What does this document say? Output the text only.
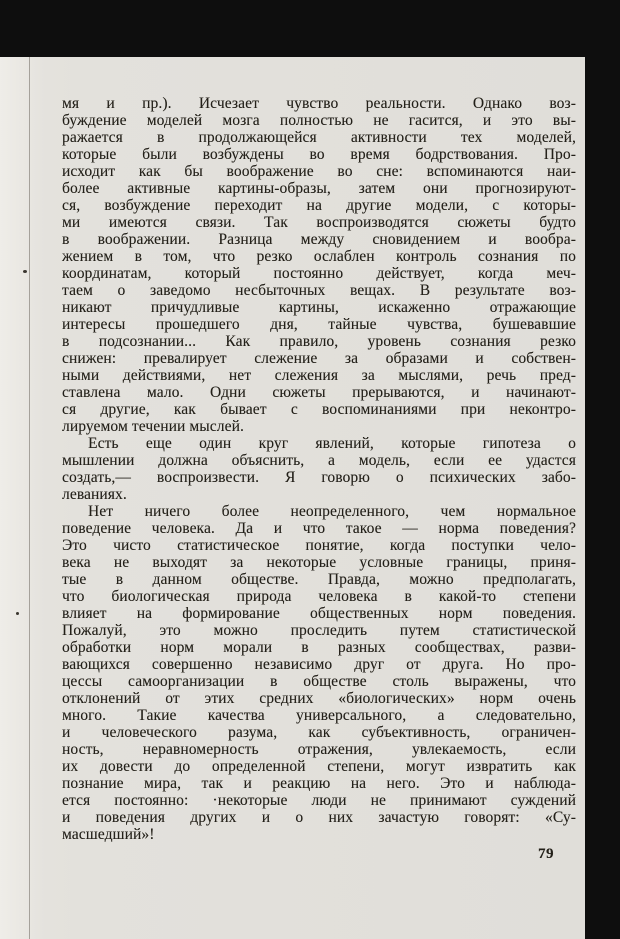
мя и пр.). Исчезает чувство реальности. Однако воз-
буждение моделей мозга полностью не гасится, и это вы-
ражается в продолжающейся активности тех моделей,
которые были возбуждены во время бодрствования. Про-
исходит как бы воображение во сне: вспоминаются наи-
более активные картины-образы, затем они прогнозируют-
ся, возбуждение переходит на другие модели, с которы-
ми имеются связи. Так воспроизводятся сюжеты будто
в воображении. Разница между сновидением и вообра-
жением в том, что резко ослаблен контроль сознания по
координатам, который постоянно действует, когда меч-
таем о заведомо несбыточных вещах. В результате воз-
никают причудливые картины, искаженно отражающие
интересы прошедшего дня, тайные чувства, бушевавшие
в подсознании... Как правило, уровень сознания резко
снижен: превалирует слежение за образами и собствен-
ными действиями, нет слежения за мыслями, речь пред-
ставлена мало. Одни сюжеты прерываются, и начинают-
ся другие, как бывает с воспоминаниями при неконтро-
лируемом течении мыслей.
Есть еще один круг явлений, которые гипотеза о
мышлении должна объяснить, а модель, если ее удастся
создать,— воспроизвести. Я говорю о психических забо-
леваниях.
Нет ничего более неопределенного, чем нормальное
поведение человека. Да и что такое — норма поведения?
Это чисто статистическое понятие, когда поступки чело-
века не выходят за некоторые условные границы, приня-
тые в данном обществе. Правда, можно предполагать,
что биологическая природа человека в какой-то степени
влияет на формирование общественных норм поведения.
Пожалуй, это можно проследить путем статистической
обработки норм морали в разных сообществах, разви-
вающихся совершенно независимо друг от друга. Но про-
цессы самоорганизации в обществе столь выражены, что
отклонений от этих средних «биологических» норм очень
много. Такие качества универсального, а следовательно,
и человеческого разума, как субъективность, ограничен-
ность, неравномерность отражения, увлекаемость, если
их довести до определенной степени, могут извратить как
познание мира, так и реакцию на него. Это и наблюда-
ется постоянно: ·некоторые люди не принимают суждений
и поведения других и о них зачастую говорят: «Су-
масшедший»!
79
